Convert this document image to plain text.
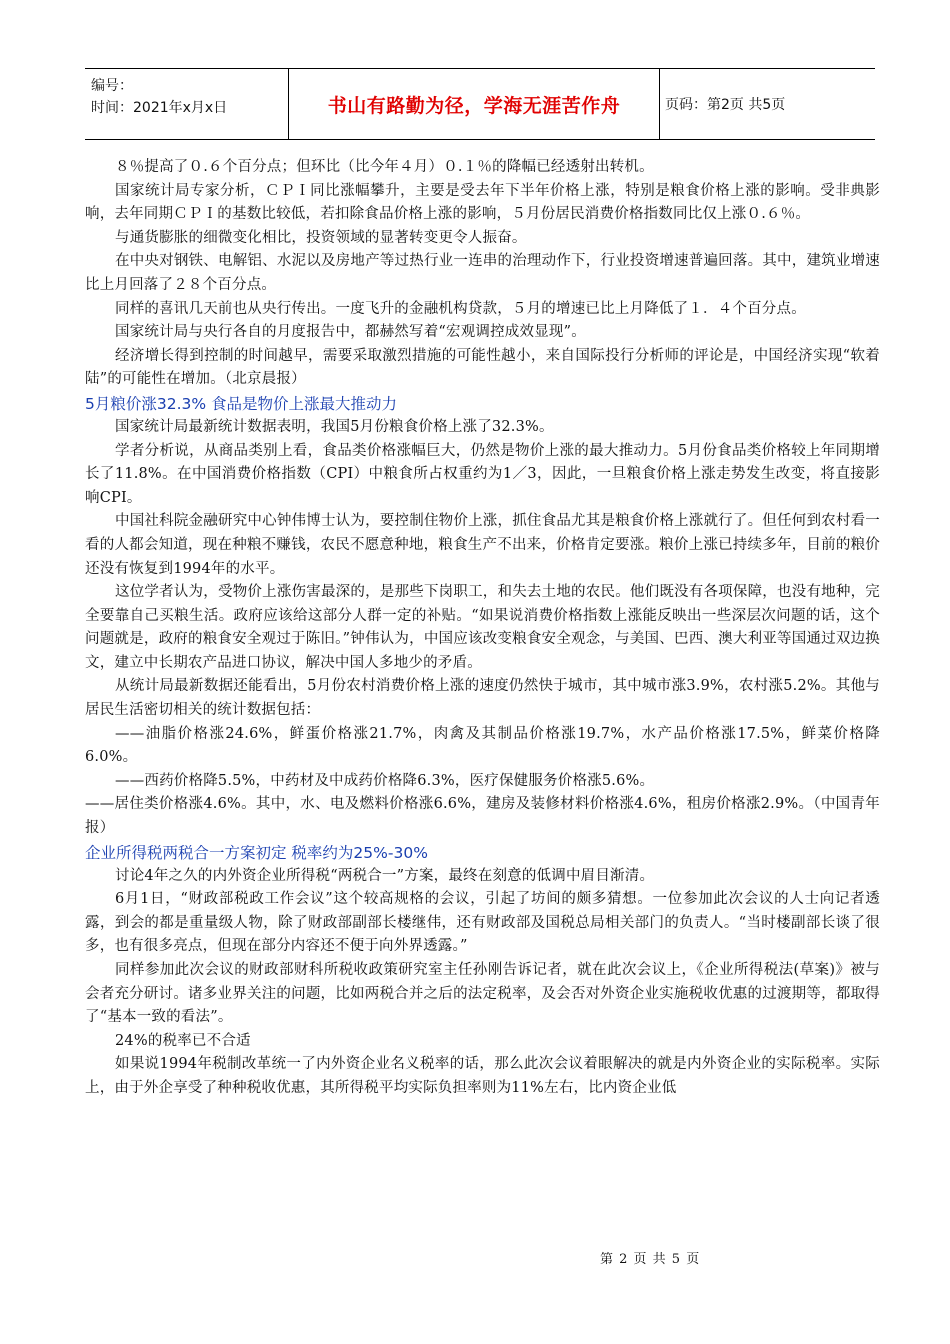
编号：
时间：2021年x月x日	书山有路勤为径，学海无涯苦作舟	页码：第2页 共5页

８％提高了０.６个百分点；但环比（比今年４月）０.１％的降幅已经透射出转机。

国家统计局专家分析，ＣＰＩ同比涨幅攀升，主要是受去年下半年价格上涨，特别是粮食价格上涨的影响。受非典影响，去年同期ＣＰＩ的基数比较低，若扣除食品价格上涨的影响，５月份居民消费价格指数同比仅上涨０.６％。

与通货膨胀的细微变化相比，投资领域的显著转变更令人振奋。

在中央对钢铁、电解铝、水泥以及房地产等过热行业一连串的治理动作下，行业投资增速普遍回落。其中，建筑业增速比上月回落了２８个百分点。

同样的喜讯几天前也从央行传出。一度飞升的金融机构贷款，５月的增速已比上月降低了１．４个百分点。

国家统计局与央行各自的月度报告中，都赫然写着“宏观调控成效显现”。

经济增长得到控制的时间越早，需要采取激烈措施的可能性越小，来自国际投行分析师的评论是，中国经济实现“软着陆”的可能性在增加。（北京晨报）

5月粮价涨32.3% 食品是物价上涨最大推动力

国家统计局最新统计数据表明，我国5月份粮食价格上涨了32.3%。

学者分析说，从商品类别上看，食品类价格涨幅巨大，仍然是物价上涨的最大推动力。5月份食品类价格较上年同期增长了11.8%。在中国消费价格指数（CPI）中粮食所占权重约为1／3，因此，一旦粮食价格上涨走势发生改变，将直接影响CPI。

中国社科院金融研究中心钟伟博士认为，要控制住物价上涨，抓住食品尤其是粮食价格上涨就行了。但任何到农村看一看的人都会知道，现在种粮不赚钱，农民不愿意种地，粮食生产不出来，价格肯定要涨。粮价上涨已持续多年，目前的粮价还没有恢复到1994年的水平。

这位学者认为，受物价上涨伤害最深的，是那些下岗职工，和失去土地的农民。他们既没有各项保障，也没有地种，完全要靠自己买粮生活。政府应该给这部分人群一定的补贴。“如果说消费价格指数上涨能反映出一些深层次问题的话，这个问题就是，政府的粮食安全观过于陈旧。”钟伟认为，中国应该改变粮食安全观念，与美国、巴西、澳大利亚等国通过双边换文，建立中长期农产品进口协议，解决中国人多地少的矛盾。

从统计局最新数据还能看出，5月份农村消费价格上涨的速度仍然快于城市，其中城市涨3.9%，农村涨5.2%。其他与居民生活密切相关的统计数据包括：

——油脂价格涨24.6%，鲜蛋价格涨21.7%，肉禽及其制品价格涨19.7%，水产品价格涨17.5%，鲜菜价格降6.0%。

——西药价格降5.5%，中药材及中成药价格降6.3%，医疗保健服务价格涨5.6%。

——居住类价格涨4.6%。其中，水、电及燃料价格涨6.6%，建房及装修材料价格涨4.6%，租房价格涨2.9%。（中国青年报）

企业所得税两税合一方案初定 税率约为25%-30%

讨论4年之久的内外资企业所得税“两税合一”方案，最终在刻意的低调中眉目渐清。

6月1日，“财政部税政工作会议”这个较高规格的会议，引起了坊间的颇多猜想。一位参加此次会议的人士向记者透露，到会的都是重量级人物，除了财政部副部长楼继伟，还有财政部及国税总局相关部门的负责人。“当时楼副部长谈了很多，也有很多亮点，但现在部分内容还不便于向外界透露。”

同样参加此次会议的财政部财科所税收政策研究室主任孙刚告诉记者，就在此次会议上，《企业所得税法(草案)》被与会者充分研讨。诸多业界关注的问题，比如两税合并之后的法定税率，及会否对外资企业实施税收优惠的过渡期等，都取得了“基本一致的看法”。

24%的税率已不合适

如果说1994年税制改革统一了内外资企业名义税率的话，那么此次会议着眼解决的就是内外资企业的实际税率。实际上，由于外企享受了种种税收优惠，其所得税平均实际负担率则为11%左右，比内资企业低

第 2 页 共 5 页
